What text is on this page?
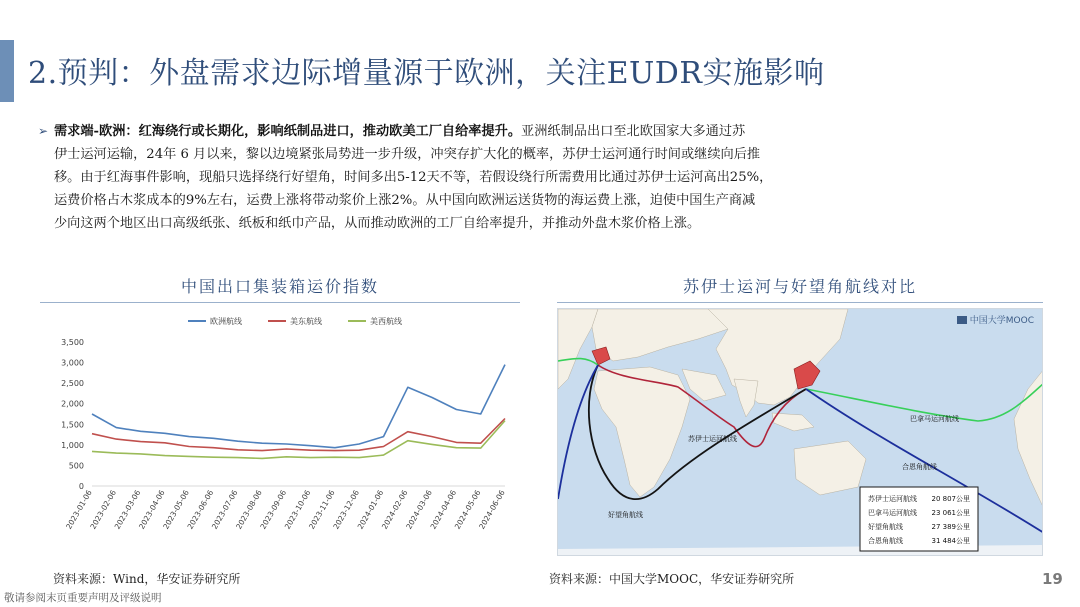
2.预判：外盘需求边际增量源于欧洲，关注EUDR实施影响
➢ 需求端-欧洲：红海绕行或长期化，影响纸制品进口，推动欧美工厂自给率提升。亚洲纸制品出口至北欧国家大多通过苏
伊士运河运输，24年 6 月以来，黎以边境紧张局势进一步升级，冲突存扩大化的概率，苏伊士运河通行时间或继续向后推
移。由于红海事件影响，现船只选择绕行好望角，时间多出5-12天不等，若假设绕行所需费用比通过苏伊士运河高出25%，
运费价格占木浆成本的9%左右，运费上涨将带动浆价上涨2%。从中国向欧洲运送货物的海运费上涨，迫使中国生产商减
少向这两个地区出口高级纸张、纸板和纸巾产品，从而推动欧洲的工厂自给率提升，并推动外盘木浆价格上涨。
中国出口集装箱运价指数
0
500
1,000
1,500
2,000
2,500
3,000
3,500
2023-01-06
2023-02-06
2023-03-06
2023-04-06
2023-05-06
2023-06-06
2023-07-06
2023-08-06
2023-09-06
2023-10-06
2023-11-06
2023-12-06
2024-01-06
2024-02-06
2024-03-06
2024-04-06
2024-05-06
2024-06-06
欧洲航线	美东航线	美西航线
苏伊士运河与好望角航线对比
苏伊士运河航线
好望角航线
巴拿马运河航线
合恩角航线
苏伊士运河航线 20 807公里
巴拿马运河航线 23 061公里
好望角航线	27 389公里
合恩角航线	31 484公里
中国大学MOOC
资料来源：Wind，华安证券研究所	资料来源：中国大学MOOC，华安证券研究所	19
敬请参阅末页重要声明及评级说明
